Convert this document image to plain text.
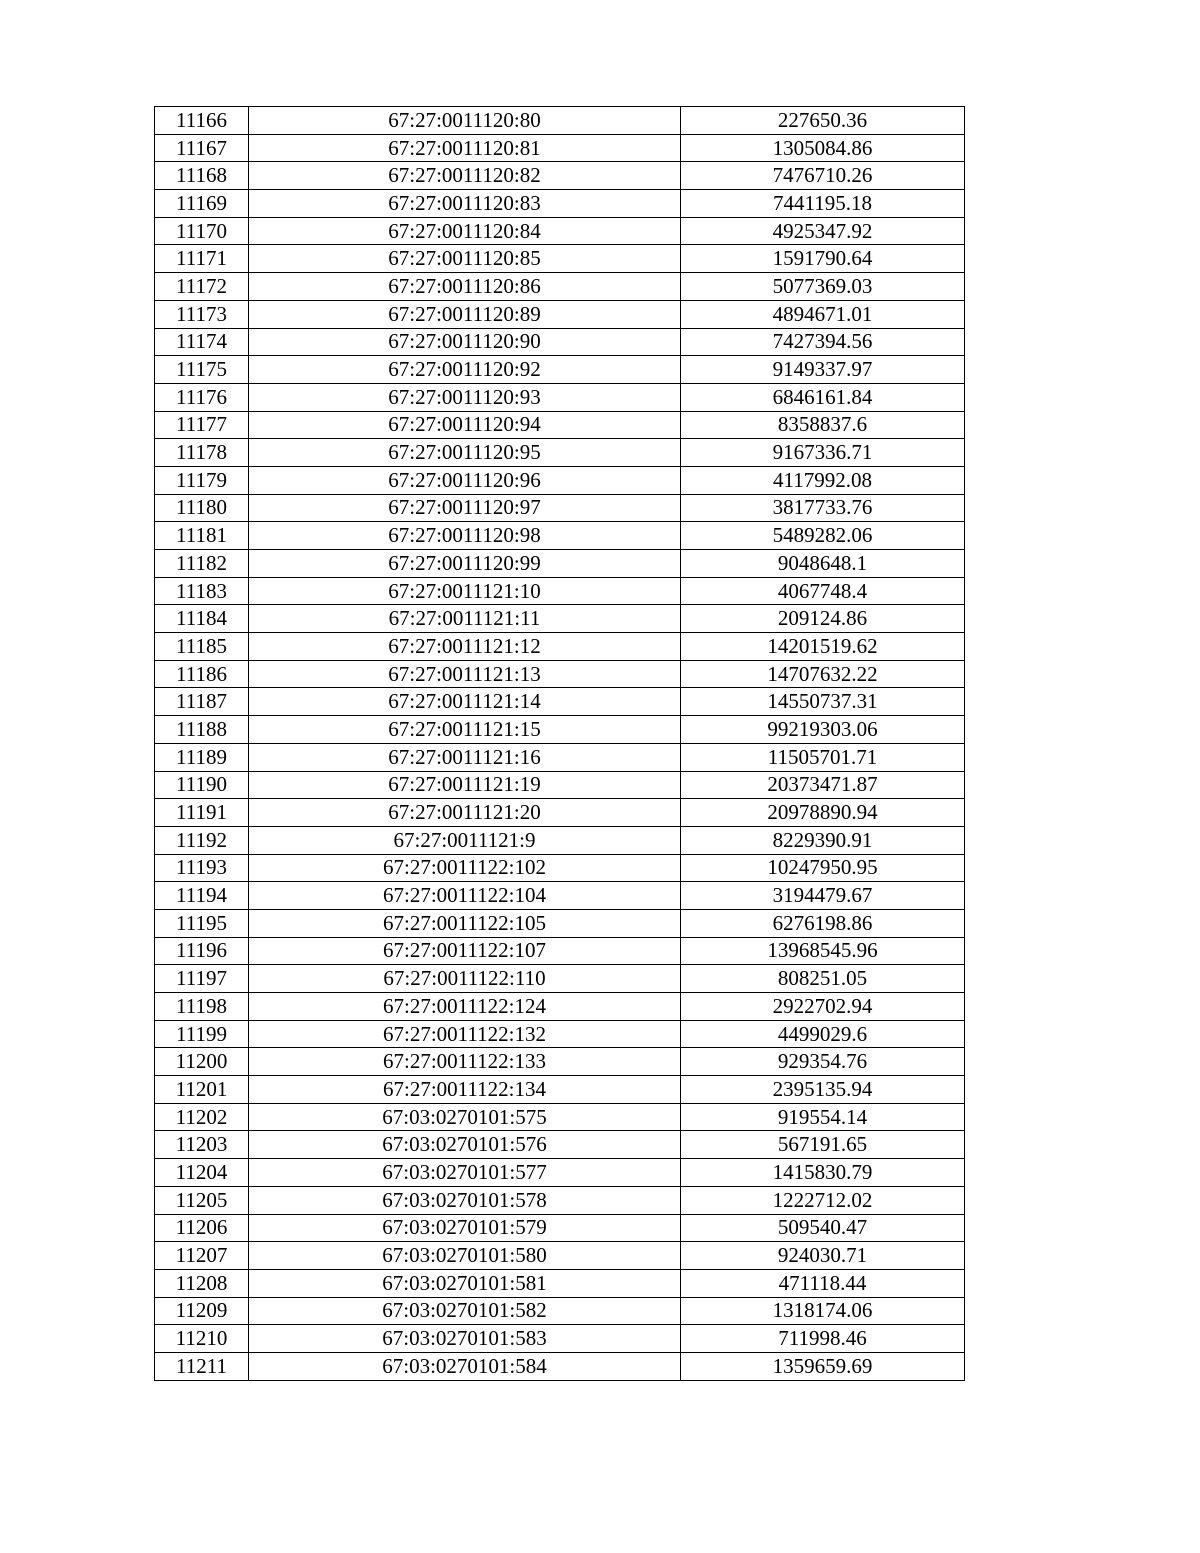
11166	67:27:0011120:80	227650.36
11167	67:27:0011120:81	1305084.86
11168	67:27:0011120:82	7476710.26
11169	67:27:0011120:83	7441195.18
11170	67:27:0011120:84	4925347.92
11171	67:27:0011120:85	1591790.64
11172	67:27:0011120:86	5077369.03
11173	67:27:0011120:89	4894671.01
11174	67:27:0011120:90	7427394.56
11175	67:27:0011120:92	9149337.97
11176	67:27:0011120:93	6846161.84
11177	67:27:0011120:94	8358837.6
11178	67:27:0011120:95	9167336.71
11179	67:27:0011120:96	4117992.08
11180	67:27:0011120:97	3817733.76
11181	67:27:0011120:98	5489282.06
11182	67:27:0011120:99	9048648.1
11183	67:27:0011121:10	4067748.4
11184	67:27:0011121:11	209124.86
11185	67:27:0011121:12	14201519.62
11186	67:27:0011121:13	14707632.22
11187	67:27:0011121:14	14550737.31
11188	67:27:0011121:15	99219303.06
11189	67:27:0011121:16	11505701.71
11190	67:27:0011121:19	20373471.87
11191	67:27:0011121:20	20978890.94
11192	67:27:0011121:9	8229390.91
11193	67:27:0011122:102	10247950.95
11194	67:27:0011122:104	3194479.67
11195	67:27:0011122:105	6276198.86
11196	67:27:0011122:107	13968545.96
11197	67:27:0011122:110	808251.05
11198	67:27:0011122:124	2922702.94
11199	67:27:0011122:132	4499029.6
11200	67:27:0011122:133	929354.76
11201	67:27:0011122:134	2395135.94
11202	67:03:0270101:575	919554.14
11203	67:03:0270101:576	567191.65
11204	67:03:0270101:577	1415830.79
11205	67:03:0270101:578	1222712.02
11206	67:03:0270101:579	509540.47
11207	67:03:0270101:580	924030.71
11208	67:03:0270101:581	471118.44
11209	67:03:0270101:582	1318174.06
11210	67:03:0270101:583	711998.46
11211	67:03:0270101:584	1359659.69
